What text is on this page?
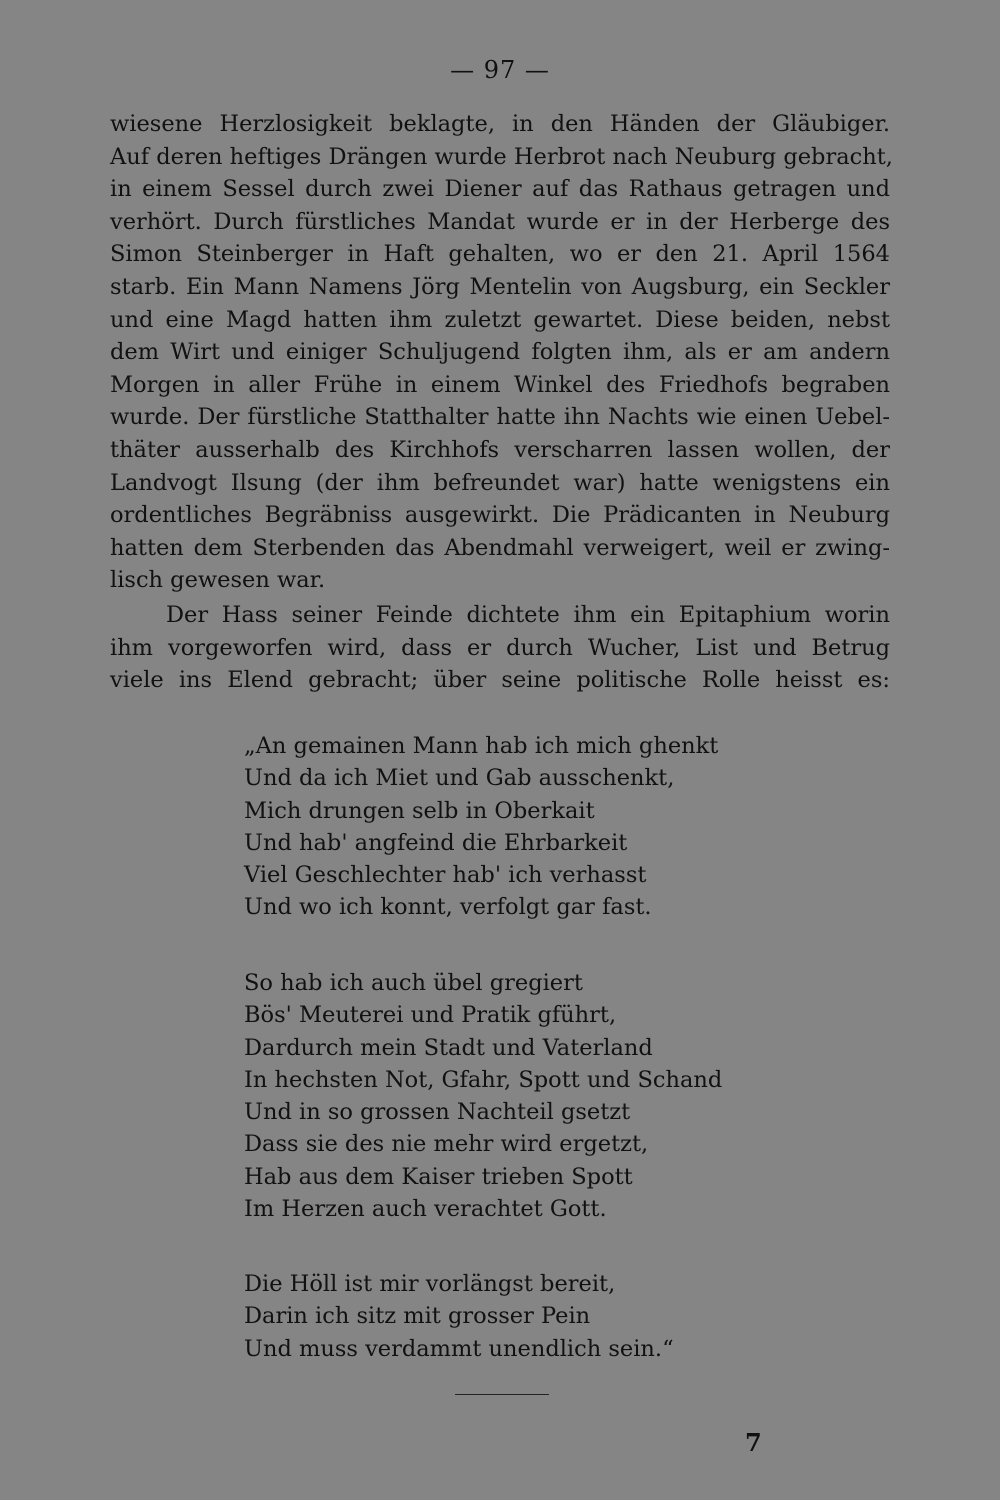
— 97 —
wiesene Herzlosigkeit beklagte, in den Händen der Gläubiger.
Auf deren heftiges Drängen wurde Herbrot nach Neuburg gebracht,
in einem Sessel durch zwei Diener auf das Rathaus getragen und
verhört. Durch fürstliches Mandat wurde er in der Herberge des
Simon Steinberger in Haft gehalten, wo er den 21. April 1564
starb. Ein Mann Namens Jörg Mentelin von Augsburg, ein Seckler
und eine Magd hatten ihm zuletzt gewartet. Diese beiden, nebst
dem Wirt und einiger Schuljugend folgten ihm, als er am andern
Morgen in aller Frühe in einem Winkel des Friedhofs begraben
wurde. Der fürstliche Statthalter hatte ihn Nachts wie einen Uebel-
thäter ausserhalb des Kirchhofs verscharren lassen wollen, der
Landvogt Ilsung (der ihm befreundet war) hatte wenigstens ein
ordentliches Begräbniss ausgewirkt. Die Prädicanten in Neuburg
hatten dem Sterbenden das Abendmahl verweigert, weil er zwing-
lisch gewesen war.
Der Hass seiner Feinde dichtete ihm ein Epitaphium worin
ihm vorgeworfen wird, dass er durch Wucher, List und Betrug
viele ins Elend gebracht; über seine politische Rolle heisst es:
„An gemainen Mann hab ich mich ghenkt
Und da ich Miet und Gab ausschenkt,
Mich drungen selb in Oberkait
Und hab' angfeind die Ehrbarkeit
Viel Geschlechter hab' ich verhasst
Und wo ich konnt, verfolgt gar fast.
So hab ich auch übel gregiert
Bös' Meuterei und Pratik gführt,
Dardurch mein Stadt und Vaterland
In hechsten Not, Gfahr, Spott und Schand
Und in so grossen Nachteil gsetzt
Dass sie des nie mehr wird ergetzt,
Hab aus dem Kaiser trieben Spott
Im Herzen auch verachtet Gott.
Die Höll ist mir vorlängst bereit,
Darin ich sitz mit grosser Pein
Und muss verdammt unendlich sein.“
7
